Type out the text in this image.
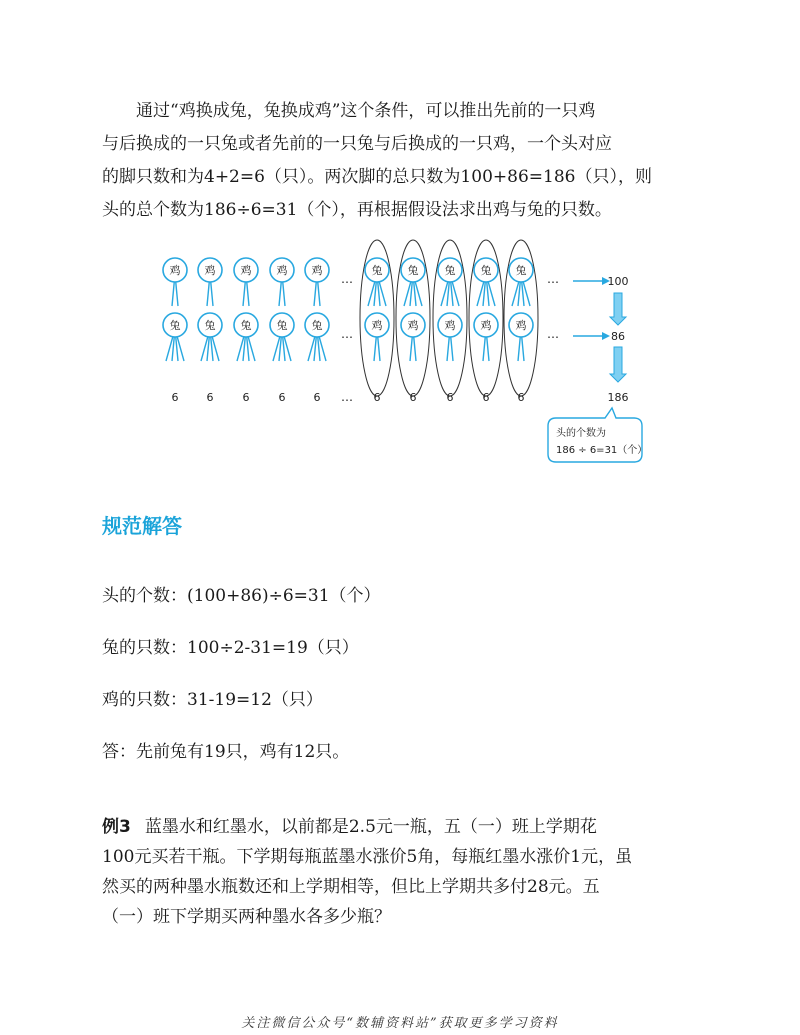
通过“鸡换成兔，兔换成鸡”这个条件，可以推出先前的一只鸡
与后换成的一只兔或者先前的一只兔与后换成的一只鸡，一个头对应
的脚只数和为4+2=6（只）。两次脚的总只数为100+86=186（只），则
头的总个数为186÷6=31（个），再根据假设法求出鸡与兔的只数。
鸡
兔
鸡
兔
鸡
兔
鸡
兔
鸡
兔
兔
鸡
兔
鸡
兔
鸡
兔
鸡
兔
鸡
6	6	6	6	6	6	6	6	6	6
…
…
…
…
…
100
86
186
头的个数为
186 ÷ 6=31（个）
规范解答

头的个数：(100+86)÷6=31（个）

兔的只数：100÷2-31=19（只）

鸡的只数：31-19=12（只）

答：先前兔有19只，鸡有12只。

例3 蓝墨水和红墨水，以前都是2.5元一瓶，五（一）班上学期花
100元买若干瓶。下学期每瓶蓝墨水涨价5角，每瓶红墨水涨价1元，虽
然买的两种墨水瓶数还和上学期相等，但比上学期共多付28元。五
（一）班下学期买两种墨水各多少瓶？
关注微信公众号“数辅资料站”获取更多学习资料
